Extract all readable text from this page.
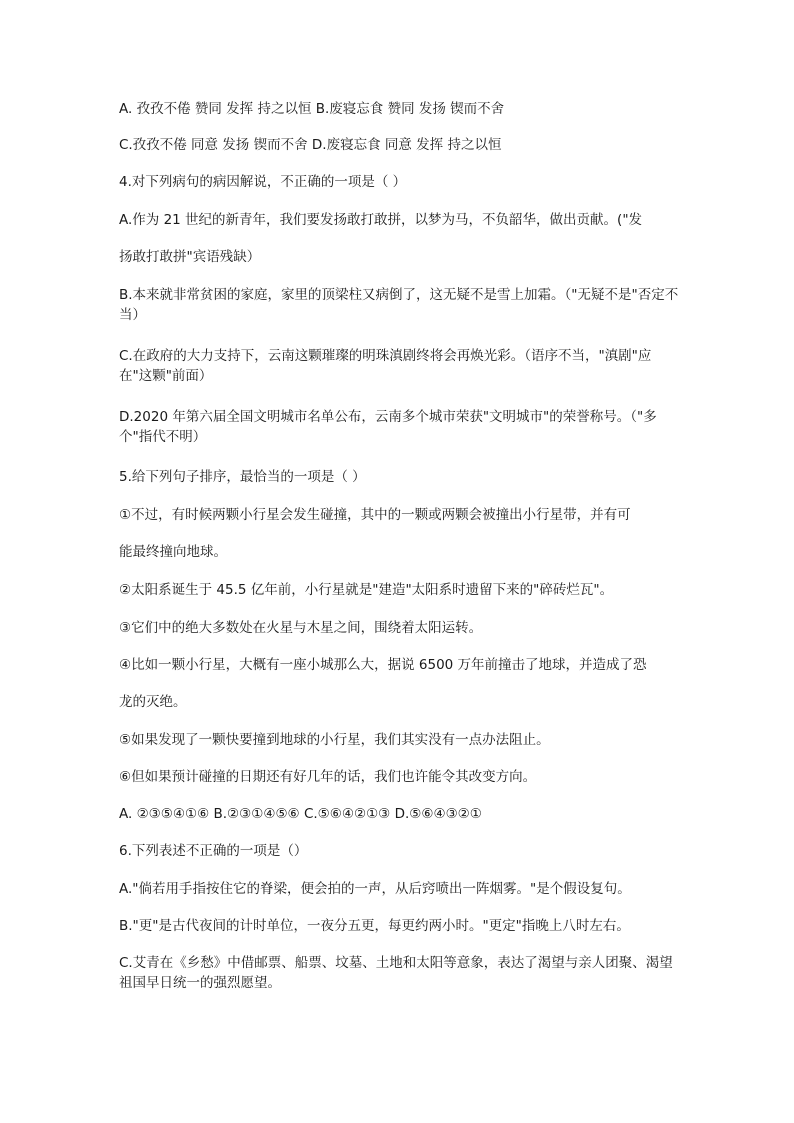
A. 孜孜不倦 赞同 发挥 持之以恒 B.废寝忘食 赞同 发扬 锲而不舍
C.孜孜不倦 同意 发扬 锲而不舍 D.废寝忘食 同意 发挥 持之以恒
4.对下列病句的病因解说，不正确的一项是（ ）
A.作为 21 世纪的新青年，我们要发扬敢打敢拼，以梦为马，不负韶华，做出贡献。("发
扬敢打敢拼"宾语残缺）
B.本来就非常贫困的家庭，家里的顶梁柱又病倒了，这无疑不是雪上加霜。（"无疑不是"否定不当）
C.在政府的大力支持下，云南这颗璀璨的明珠滇剧终将会再焕光彩。（语序不当，"滇剧"应在"这颗"前面）
D.2020 年第六届全国文明城市名单公布，云南多个城市荣获"文明城市"的荣誉称号。（"多个"指代不明）
5.给下列句子排序，最恰当的一项是（ ）
①不过，有时候两颗小行星会发生碰撞，其中的一颗或两颗会被撞出小行星带，并有可
能最终撞向地球。
②太阳系诞生于 45.5 亿年前，小行星就是"建造"太阳系时遗留下来的"碎砖烂瓦"。
③它们中的绝大多数处在火星与木星之间，围绕着太阳运转。
④比如一颗小行星，大概有一座小城那么大，据说 6500 万年前撞击了地球，并造成了恐
龙的灭绝。
⑤如果发现了一颗快要撞到地球的小行星，我们其实没有一点办法阻止。
⑥但如果预计碰撞的日期还有好几年的话，我们也许能令其改变方向。
A. ②③⑤④①⑥ B.②③①④⑤⑥ C.⑤⑥④②①③ D.⑤⑥④③②①
6.下列表述不正确的一项是（）
A."倘若用手指按住它的脊梁，便会拍的一声，从后窍喷出一阵烟雾。"是个假设复句。
B."更"是古代夜间的计时单位，一夜分五更，每更约两小时。"更定"指晚上八时左右。
C.艾青在《乡愁》中借邮票、船票、坟墓、土地和太阳等意象，表达了渴望与亲人团聚、渴望祖国早日统一的强烈愿望。
